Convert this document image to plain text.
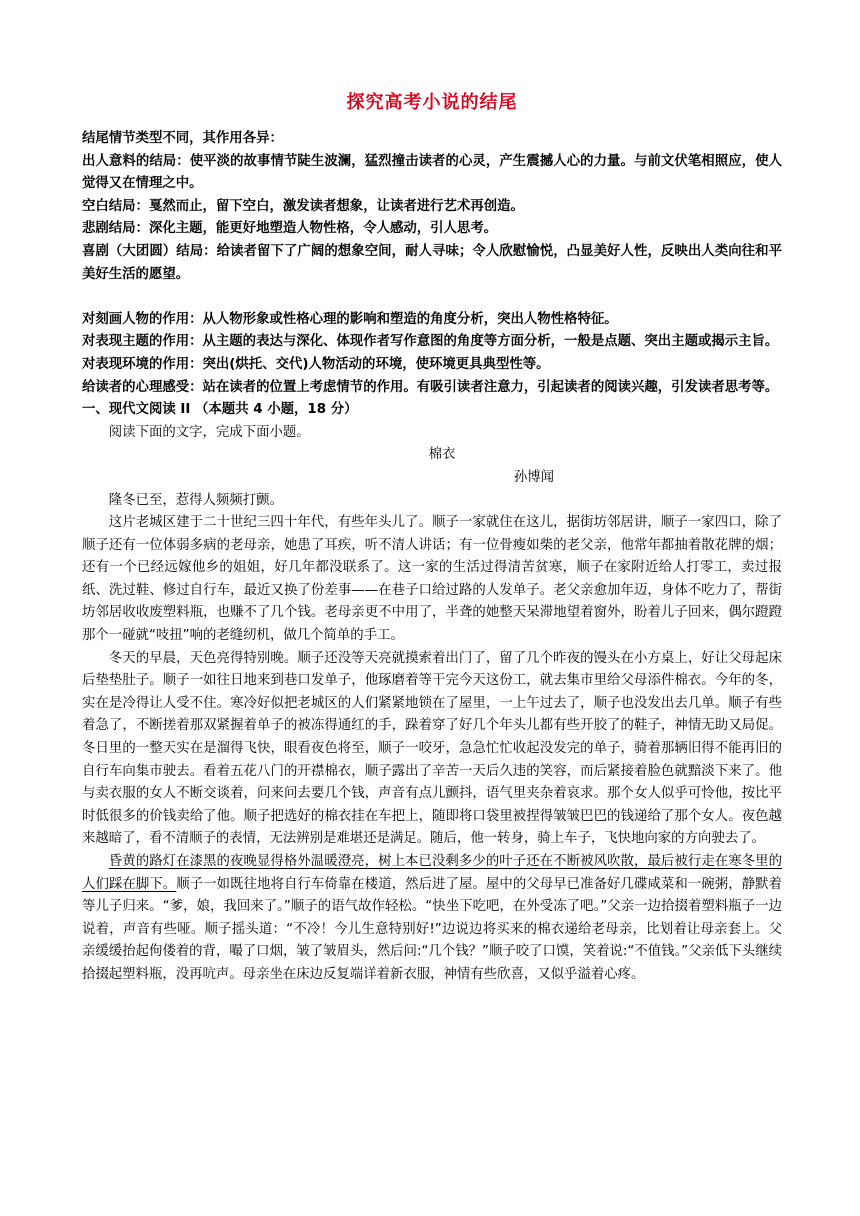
探究高考小说的结尾

结尾情节类型不同，其作用各异：

出人意料的结局：使平淡的故事情节陡生波澜，猛烈撞击读者的心灵，产生震撼人心的力量。与前文伏笔相照应，使人觉得又在情理之中。

空白结局：戛然而止，留下空白，激发读者想象，让读者进行艺术再创造。

悲剧结局：深化主题，能更好地塑造人物性格，令人感动，引人思考。

喜剧（大团圆）结局：给读者留下了广阔的想象空间，耐人寻味；令人欣慰愉悦，凸显美好人性，反映出人类向往和平美好生活的愿望。

对刻画人物的作用：从人物形象或性格心理的影响和塑造的角度分析，突出人物性格特征。

对表现主题的作用：从主题的表达与深化、体现作者写作意图的角度等方面分析，一般是点题、突出主题或揭示主旨。

对表现环境的作用：突出(烘托、交代)人物活动的环境，使环境更具典型性等。

给读者的心理感受：站在读者的位置上考虑情节的作用。有吸引读者注意力，引起读者的阅读兴趣，引发读者思考等。

一、现代文阅读 II （本题共 4 小题，18 分）

阅读下面的文字，完成下面小题。

棉衣

孙博闻

隆冬已至，惹得人频频打颤。

这片老城区建于二十世纪三四十年代，有些年头儿了。顺子一家就住在这儿，据街坊邻居讲，顺子一家四口，除了顺子还有一位体弱多病的老母亲，她患了耳疾，听不清人讲话；有一位骨瘦如柴的老父亲，他常年都抽着散花牌的烟；还有一个已经远嫁他乡的姐姐，好几年都没联系了。这一家的生活过得清苦贫寒，顺子在家附近给人打零工，卖过报纸、洗过鞋、修过自行车，最近又换了份差事——在巷子口给过路的人发单子。老父亲愈加年迈，身体不吃力了，帮街坊邻居收收废塑料瓶，也赚不了几个钱。老母亲更不中用了，半聋的她整天呆滞地望着窗外，盼着儿子回来，偶尔蹬蹬那个一碰就“吱扭”响的老缝纫机，做几个简单的手工。

冬天的早晨，天色亮得特别晚。顺子还没等天亮就摸索着出门了，留了几个昨夜的馒头在小方桌上，好让父母起床后垫垫肚子。顺子一如往日地来到巷口发单子，他琢磨着等干完今天这份工，就去集市里给父母添件棉衣。今年的冬，实在是冷得让人受不住。寒冷好似把老城区的人们紧紧地锁在了屋里，一上午过去了，顺子也没发出去几单。顺子有些着急了，不断搓着那双紧握着单子的被冻得通红的手，跺着穿了好几个年头儿都有些开胶了的鞋子，神情无助又局促。冬日里的一整天实在是溜得飞快，眼看夜色将至，顺子一咬牙，急急忙忙收起没发完的单子，骑着那辆旧得不能再旧的自行车向集市驶去。看着五花八门的开襟棉衣，顺子露出了辛苦一天后久违的笑容，而后紧接着脸色就黯淡下来了。他与卖衣服的女人不断交谈着，问来问去要几个钱，声音有点儿颤抖，语气里夹杂着哀求。那个女人似乎可怜他，按比平时低很多的价钱卖给了他。顺子把选好的棉衣挂在车把上，随即将口袋里被捏得皱皱巴巴的钱递给了那个女人。夜色越来越暗了，看不清顺子的表情，无法辨别是难堪还是满足。随后，他一转身，骑上车子，飞快地向家的方向驶去了。

昏黄的路灯在漆黑的夜晚显得格外温暖澄亮，树上本已没剩多少的叶子还在不断被风吹散，最后被行走在寒冬里的人们踩在脚下。顺子一如既往地将自行车倚靠在楼道，然后进了屋。屋中的父母早已准备好几碟咸菜和一碗粥，静默着等儿子归来。“爹，娘，我回来了。”顺子的语气故作轻松。“快坐下吃吧，在外受冻了吧。”父亲一边拾掇着塑料瓶子一边说着，声音有些哑。顺子摇头道：“不冷！今儿生意特别好!”边说边将买来的棉衣递给老母亲，比划着让母亲套上。父亲缓缓抬起佝偻着的背，嘬了口烟，皱了皱眉头，然后问:“几个钱？”顺子咬了口馍，笑着说:“不值钱。”父亲低下头继续拾掇起塑料瓶，没再吭声。母亲坐在床边反复端详着新衣服，神情有些欣喜，又似乎溢着心疼。
